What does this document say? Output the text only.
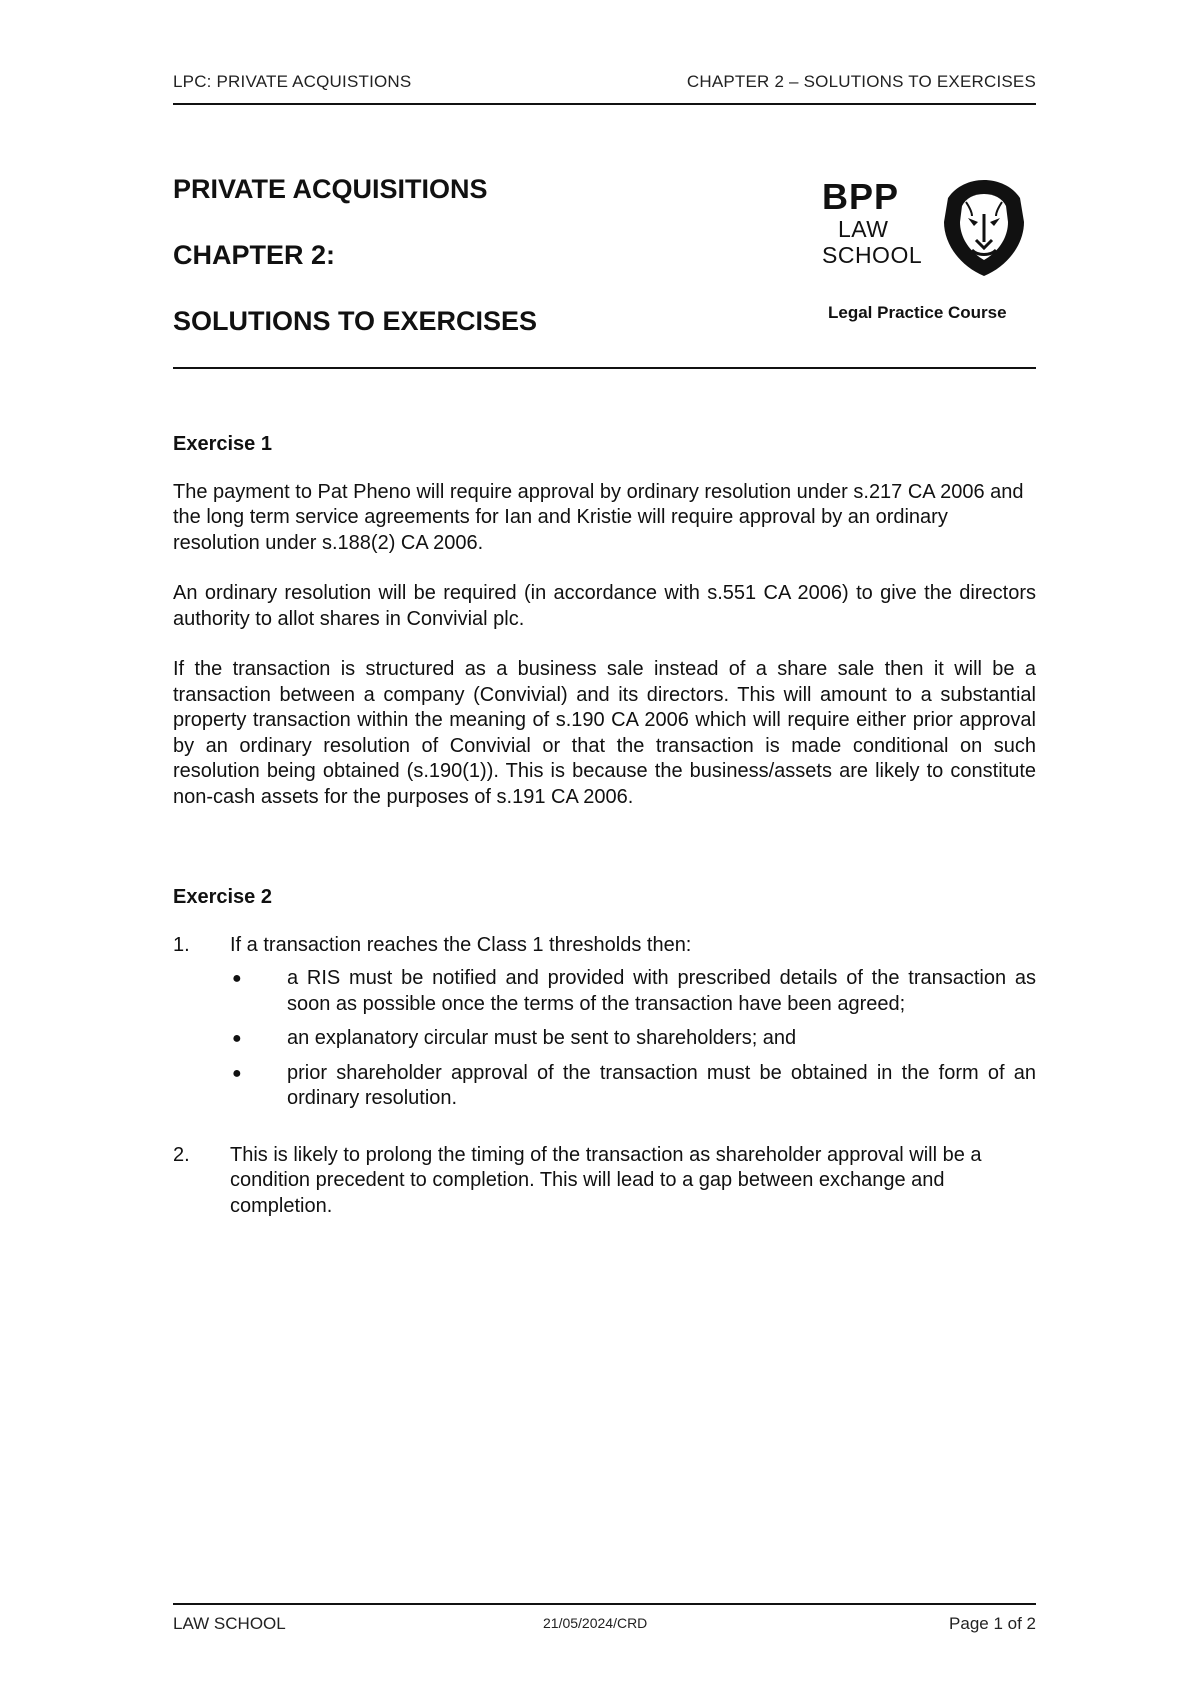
LPC: PRIVATE ACQUISTIONS	CHAPTER 2 – SOLUTIONS TO EXERCISES

PRIVATE ACQUISITIONS

CHAPTER 2:

SOLUTIONS TO EXERCISES

BPP
LAW
SCHOOL
Legal Practice Course

Exercise 1

The payment to Pat Pheno will require approval by ordinary resolution under s.217 CA 2006 and the long term service agreements for Ian and Kristie will require approval by an ordinary resolution under s.188(2) CA 2006.

An ordinary resolution will be required (in accordance with s.551 CA 2006) to give the directors authority to allot shares in Convivial plc.

If the transaction is structured as a business sale instead of a share sale then it will be a transaction between a company (Convivial) and its directors. This will amount to a substantial property transaction within the meaning of s.190 CA 2006 which will require either prior approval by an ordinary resolution of Convivial or that the transaction is made conditional on such resolution being obtained (s.190(1)). This is because the business/assets are likely to constitute non-cash assets for the purposes of s.191 CA 2006.

Exercise 2

1.	If a transaction reaches the Class 1 thresholds then:
●	a RIS must be notified and provided with prescribed details of the transaction as soon as possible once the terms of the transaction have been agreed;
●	an explanatory circular must be sent to shareholders; and
●	prior shareholder approval of the transaction must be obtained in the form of an ordinary resolution.
2.	This is likely to prolong the timing of the transaction as shareholder approval will be a condition precedent to completion. This will lead to a gap between exchange and completion.
LAW SCHOOL	21/05/2024/CRD	Page 1 of 2
